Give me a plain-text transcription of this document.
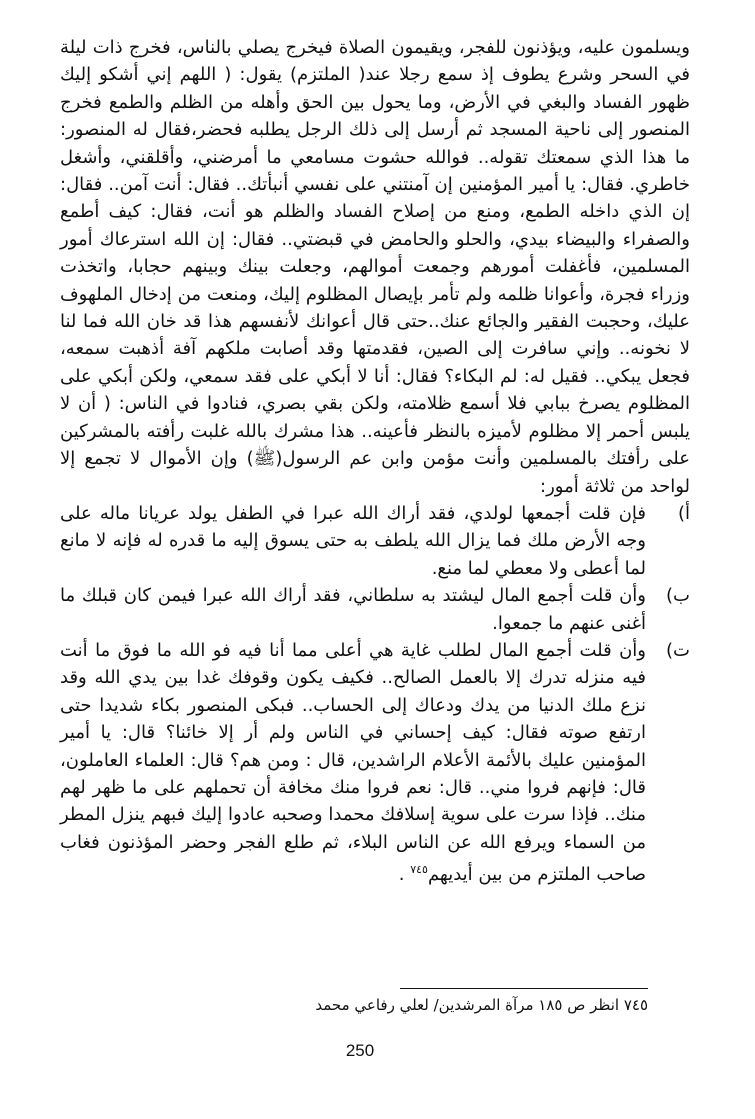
ويسلمون عليه، ويؤذنون للفجر، ويقيمون الصلاة فيخرج يصلي بالناس، فخرج ذات ليلة في السحر وشرع يطوف إذ سمع رجلا عند( الملتزم) يقول: ( اللهم إني أشكو إليك ظهور الفساد والبغي في الأرض، وما يحول بين الحق وأهله من الظلم والطمع فخرج المنصور إلى ناحية المسجد ثم أرسل إلى ذلك الرجل يطلبه فحضر،فقال له المنصور: ما هذا الذي سمعتك تقوله.. فوالله حشوت مسامعي ما أمرضني، وأقلقني، وأشغل خاطري. فقال: يا أمير المؤمنين إن آمنتني على نفسي أنبأتك.. فقال: أنت آمن.. فقال: إن الذي داخله الطمع، ومنع من إصلاح الفساد والظلم هو أنت، فقال: كيف أطمع والصفراء والبيضاء بيدي، والحلو والحامض في قبضتي.. فقال: إن الله استرعاك أمور المسلمين، فأغفلت أمورهم وجمعت أموالهم، وجعلت بينك وبينهم حجابا، واتخذت وزراء فجرة، وأعوانا ظلمه ولم تأمر بإيصال المظلوم إليك، ومنعت من إدخال الملهوف عليك، وحجبت الفقير والجائع عنك..حتى قال أعوانك لأنفسهم هذا قد خان الله فما لنا لا نخونه.. وإني سافرت إلى الصين، فقدمتها وقد أصابت ملكهم آفة أذهبت سمعه، فجعل يبكي.. فقيل له: لم البكاء؟ فقال: أنا لا أبكي على فقد سمعي، ولكن أبكي على المظلوم يصرخ ببابي فلا أسمع ظلامته، ولكن بقي بصري، فنادوا في الناس: ( أن لا يلبس أحمر إلا مظلوم لأميزه بالنظر فأعينه.. هذا مشرك بالله غلبت رأفته بالمشركين على رأفتك بالمسلمين وأنت مؤمن وابن عم الرسول(ﷺ) وإن الأموال لا تجمع إلا لواحد من ثلاثة أمور:

أ)

فإن قلت أجمعها لولدي، فقد أراك الله عبرا في الطفل يولد عريانا ماله على وجه الأرض ملك فما يزال الله يلطف به حتى يسوق إليه ما قدره له فإنه لا مانع لما أعطى ولا معطي لما منع.

ب)

وأن قلت أجمع المال ليشتد به سلطاني، فقد أراك الله عبرا فيمن كان قبلك ما أغنى عنهم ما جمعوا.

ت)

وأن قلت أجمع المال لطلب غاية هي أعلى مما أنا فيه فو الله ما فوق ما أنت فيه منزله تدرك إلا بالعمل الصالح.. فكيف يكون وقوفك غدا بين يدي الله وقد نزع ملك الدنيا من يدك ودعاك إلى الحساب.. فبكى المنصور بكاء شديدا حتى ارتفع صوته فقال: كيف إحساني في الناس ولم أر إلا خائنا؟ قال: يا أمير المؤمنين عليك بالأئمة الأعلام الراشدين، قال : ومن هم؟ قال: العلماء العاملون، قال: فإنهم فروا مني.. قال: نعم فروا منك مخافة أن تحملهم على ما ظهر لهم منك.. فإذا سرت على سوية إسلافك محمدا وصحبه عادوا إليك فبهم ينزل المطر من السماء ويرفع الله عن الناس البلاء، ثم طلع الفجر وحضر المؤذنون فغاب صاحب الملتزم من بين أيديهم$^{٧٤٥}$ .

٧٤٥ انظر ص ١٨٥ مرآة المرشدين/ لعلي رفاعي محمد
250
